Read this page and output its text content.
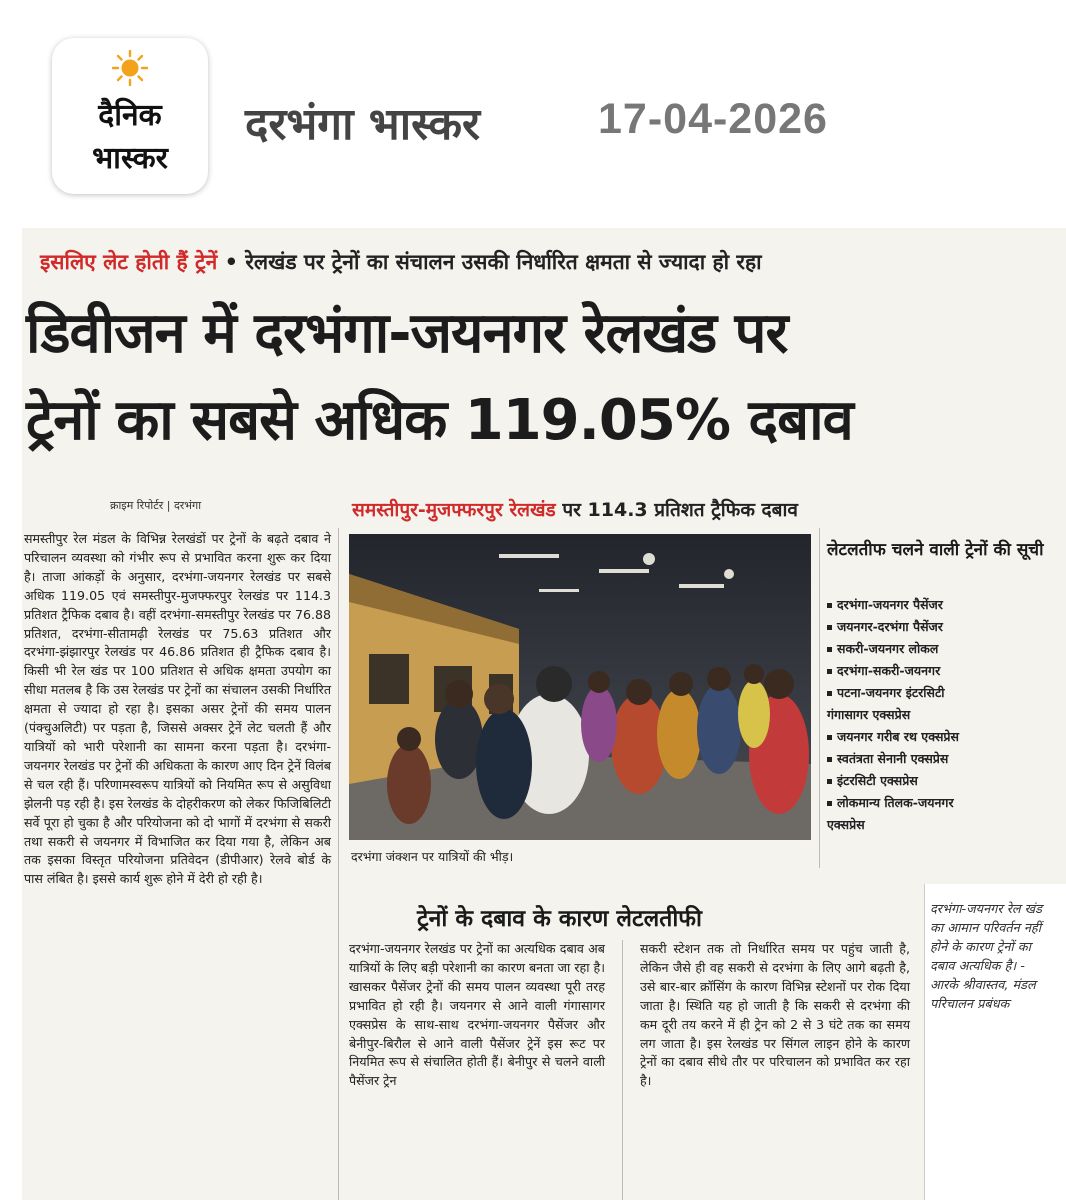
दैनिक
भास्कर
दरभंगा भास्कर	17-04-2026
इसलिए लेट होती हैं ट्रेनें • रेलखंड पर ट्रेनों का संचालन उसकी निर्धारित क्षमता से ज्यादा हो रहा
डिवीजन में दरभंगा-जयनगर रेलखंड पर
ट्रेनों का सबसे अधिक 119.05% दबाव
क्राइम रिपोर्टर | दरभंगा	समस्तीपुर-मुजफ्फरपुर रेलखंड पर 114.3 प्रतिशत ट्रैफिक दबाव
समस्तीपुर रेल मंडल के विभिन्न रेलखंडों पर ट्रेनों के बढ़ते दबाव ने परिचालन व्यवस्था को गंभीर रूप से प्रभावित करना शुरू कर दिया है। ताजा आंकड़ों के अनुसार, दरभंगा-जयनगर रेलखंड पर सबसे अधिक 119.05 एवं समस्तीपुर-मुजफ्फरपुर रेलखंड पर 114.3 प्रतिशत ट्रैफिक दबाव है। वहीं दरभंगा-समस्तीपुर रेलखंड पर 76.88 प्रतिशत, दरभंगा-सीतामढ़ी रेलखंड पर 75.63 प्रतिशत और दरभंगा-झंझारपुर रेलखंड पर 46.86 प्रतिशत ही ट्रैफिक दबाव है। किसी भी रेल खंड पर 100 प्रतिशत से अधिक क्षमता उपयोग का सीधा मतलब है कि उस रेलखंड पर ट्रेनों का संचालन उसकी निर्धारित क्षमता से ज्यादा हो रहा है। इसका असर ट्रेनों की समय पालन (पंक्चुअलिटी) पर पड़ता है, जिससे अक्सर ट्रेनें लेट चलती हैं और यात्रियों को भारी परेशानी का सामना करना पड़ता है। दरभंगा-जयनगर रेलखंड पर ट्रेनों की अधिकता के कारण आए दिन ट्रेनें विलंब से चल रही हैं। परिणामस्वरूप यात्रियों को नियमित रूप से असुविधा झेलनी पड़ रही है। इस रेलखंड के दोहरीकरण को लेकर फिजिबिलिटी सर्वे पूरा हो चुका है और परियोजना को दो भागों में दरभंगा से सकरी तथा सकरी से जयनगर में विभाजित कर दिया गया है, लेकिन अब तक इसका विस्तृत परियोजना प्रतिवेदन (डीपीआर) रेलवे बोर्ड के पास लंबित है। इससे कार्य शुरू होने में देरी हो रही है।
दरभंगा जंक्शन पर यात्रियों की भीड़।
लेटलतीफ चलने वाली ट्रेनों की सूची
दरभंगा-जयनगर पैसेंजर
जयनगर-दरभंगा पैसेंजर
सकरी-जयनगर लोकल
दरभंगा-सकरी-जयनगर
पटना-जयनगर इंटरसिटी
गंगासागर एक्सप्रेस
जयनगर गरीब रथ एक्सप्रेस
स्वतंत्रता सेनानी एक्सप्रेस
इंटरसिटी एक्सप्रेस
लोकमान्य तिलक-जयनगर
एक्सप्रेस
ट्रेनों के दबाव के कारण लेटलतीफी
दरभंगा-जयनगर रेलखंड पर ट्रेनों का अत्यधिक दबाव अब यात्रियों के लिए बड़ी परेशानी का कारण बनता जा रहा है। खासकर पैसेंजर ट्रेनों की समय पालन व्यवस्था पूरी तरह प्रभावित हो रही है। जयनगर से आने वाली गंगासागर एक्सप्रेस के साथ-साथ दरभंगा-जयनगर पैसेंजर और बेनीपुर-बिरौल से आने वाली पैसेंजर ट्रेनें इस रूट पर नियमित रूप से संचालित होती हैं। बेनीपुर से चलने वाली पैसेंजर ट्रेन
सकरी स्टेशन तक तो निर्धारित समय पर पहुंच जाती है, लेकिन जैसे ही वह सकरी से दरभंगा के लिए आगे बढ़ती है, उसे बार-बार क्रॉसिंग के कारण विभिन्न स्टेशनों पर रोक दिया जाता है। स्थिति यह हो जाती है कि सकरी से दरभंगा की कम दूरी तय करने में ही ट्रेन को 2 से 3 घंटे तक का समय लग जाता है। इस रेलखंड पर सिंगल लाइन होने के कारण ट्रेनों का दबाव सीधे तौर पर परिचालन को प्रभावित कर रहा है।
दरभंगा-जयनगर रेल खंड का आमान परिवर्तन नहीं होने के कारण ट्रेनों का दबाव अत्यधिक है। - आरके श्रीवास्तव, मंडल परिचालन प्रबंधक
